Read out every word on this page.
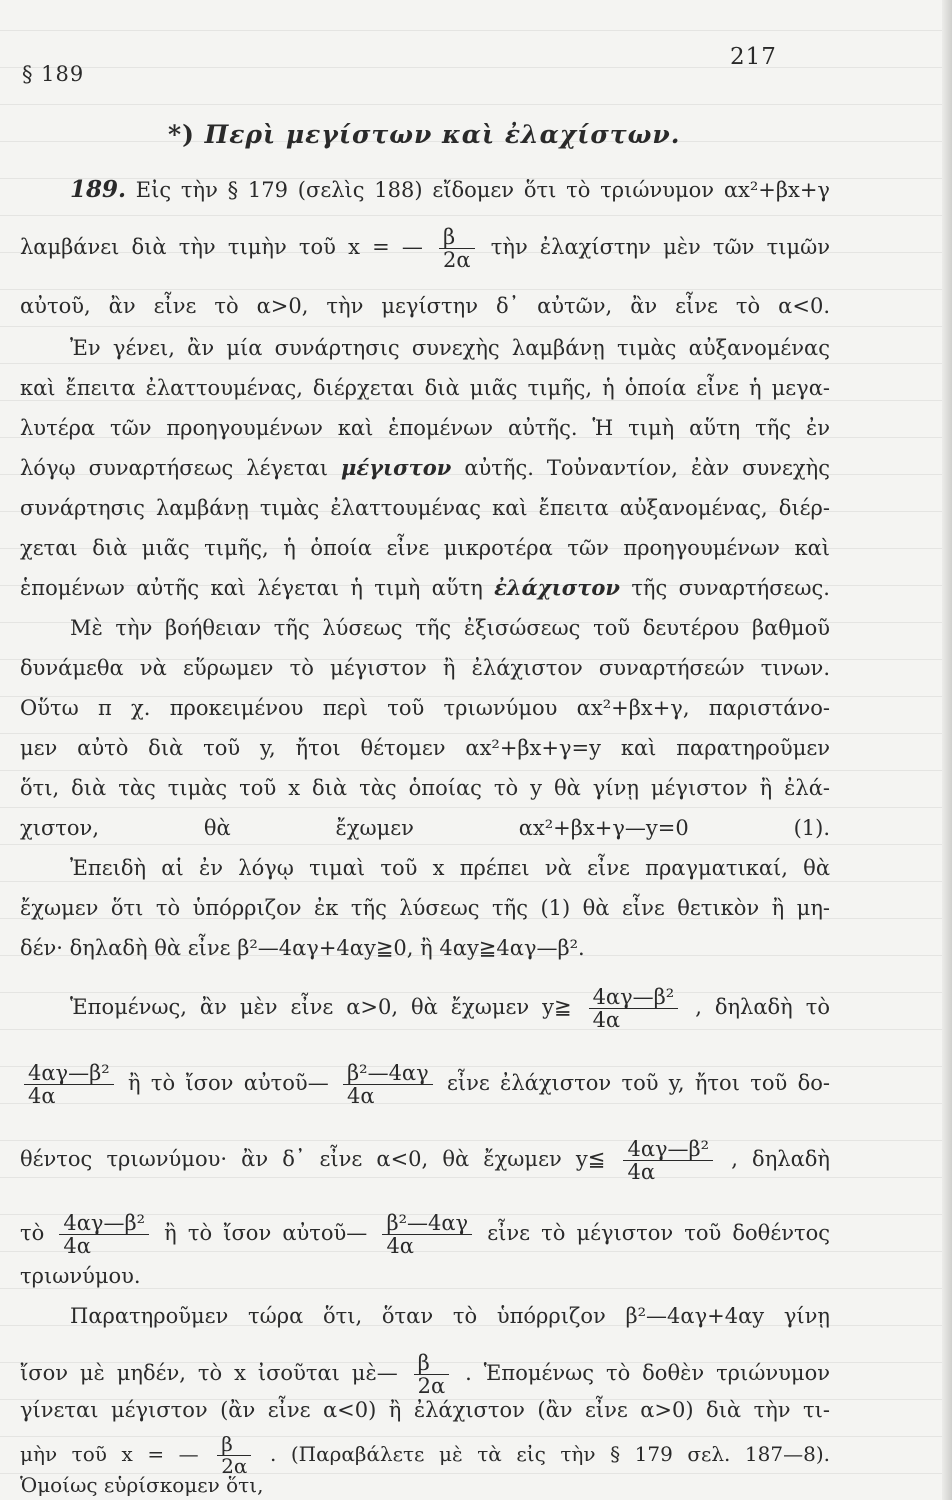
§ 189
217
*) Περὶ μεγίστων καὶ ἐλαχίστων.
189. Εἰς τὴν § 179 (σελὶς 188) εἴδομεν ὅτι τὸ τριώνυμον αx²+βx+γ
λαμβάνει διὰ τὴν τιμὴν τοῦ x = — $\frac{\beta}{2\alpha}$ τὴν ἐλαχίστην μὲν τῶν τιμῶν
αὐτοῦ, ἂν εἶνε τὸ α>0, τὴν μεγίστην δ᾽ αὐτῶν, ἂν εἶνε τὸ α<0.
Ἐν γένει, ἂν μία συνάρτησις συνεχὴς λαμβάνῃ τιμὰς αὐξανομένας
καὶ ἔπειτα ἐλαττουμένας, διέρχεται διὰ μιᾶς τιμῆς, ἡ ὁποία εἶνε ἡ μεγα-
λυτέρα τῶν προηγουμένων καὶ ἑπομένων αὐτῆς. Ἡ τιμὴ αὕτη τῆς ἐν
λόγῳ συναρτήσεως λέγεται μέγιστον αὐτῆς. Τοὐναντίον, ἐὰν συνεχὴς
συνάρτησις λαμβάνῃ τιμὰς ἐλαττουμένας καὶ ἔπειτα αὐξανομένας, διέρ-
χεται διὰ μιᾶς τιμῆς, ἡ ὁποία εἶνε μικροτέρα τῶν προηγουμένων καὶ
ἑπομένων αὐτῆς καὶ λέγεται ἡ τιμὴ αὕτη ἐλάχιστον τῆς συναρτήσεως.
Μὲ τὴν βοήθειαν τῆς λύσεως τῆς ἐξισώσεως τοῦ δευτέρου βαθμοῦ
δυνάμεθα νὰ εὕρωμεν τὸ μέγιστον ἢ ἐλάχιστον συναρτήσεών τινων.
Οὕτω π χ. προκειμένου περὶ τοῦ τριωνύμου αx²+βx+γ, παριστάνο-
μεν αὐτὸ διὰ τοῦ y, ἤτοι θέτομεν αx²+βx+γ=y καὶ παρατηροῦμεν
ὅτι, διὰ τὰς τιμὰς τοῦ x διὰ τὰς ὁποίας τὸ y θὰ γίνῃ μέγιστον ἢ ἐλά-
χιστον, θὰ ἔχωμεν αx²+βx+γ—y=0	(1).
Ἐπειδὴ αἱ ἐν λόγῳ τιμαὶ τοῦ x πρέπει νὰ εἶνε πραγματικαί, θὰ
ἔχωμεν ὅτι τὸ ὑπόρριζον ἐκ τῆς λύσεως τῆς (1) θὰ εἶνε θετικὸν ἢ μη-
δέν· δηλαδὴ θὰ εἶνε β²—4αγ+4αy≧0, ἢ 4αy≧4αγ—β².
Ἑπομένως, ἂν μὲν εἶνε α>0, θὰ ἔχωμεν y≧ $\frac{\text{4αγ—β²}}{4\alpha}$ , δηλαδὴ τὸ
$\frac{\text{4αγ—β²}}{4\alpha}$ ἢ τὸ ἴσον αὐτοῦ— $\frac{\text{β²—4αγ}}{4\alpha}$ εἶνε ἐλάχιστον τοῦ y, ἤτοι τοῦ δο-
θέντος τριωνύμου· ἂν δ᾽ εἶνε α<0, θὰ ἔχωμεν y≦ $\frac{\text{4αγ—β²}}{4\alpha}$ , δηλαδὴ
τὸ $\frac{\text{4αγ—β²}}{4\alpha}$ ἢ τὸ ἴσον αὐτοῦ— $\frac{\text{β²—4αγ}}{4\alpha}$ εἶνε τὸ μέγιστον τοῦ δοθέντος
τριωνύμου.
Παρατηροῦμεν τώρα ὅτι, ὅταν τὸ ὑπόρριζον β²—4αγ+4αy γίνῃ
ἴσον μὲ μηδέν, τὸ x ἰσοῦται μὲ— $\frac{\beta}{2\alpha}$ . Ἑπομένως τὸ δοθὲν τριώνυμον
γίνεται μέγιστον (ἂν εἶνε α<0) ἢ ἐλάχιστον (ἂν εἶνε α>0) διὰ τὴν τι-
μὴν τοῦ x = — $\frac{\beta}{2\alpha}$ . (Παραβάλετε μὲ τὰ εἰς τὴν § 179 σελ. 187—8).
Ὁμοίως εὑρίσκομεν ὅτι,
